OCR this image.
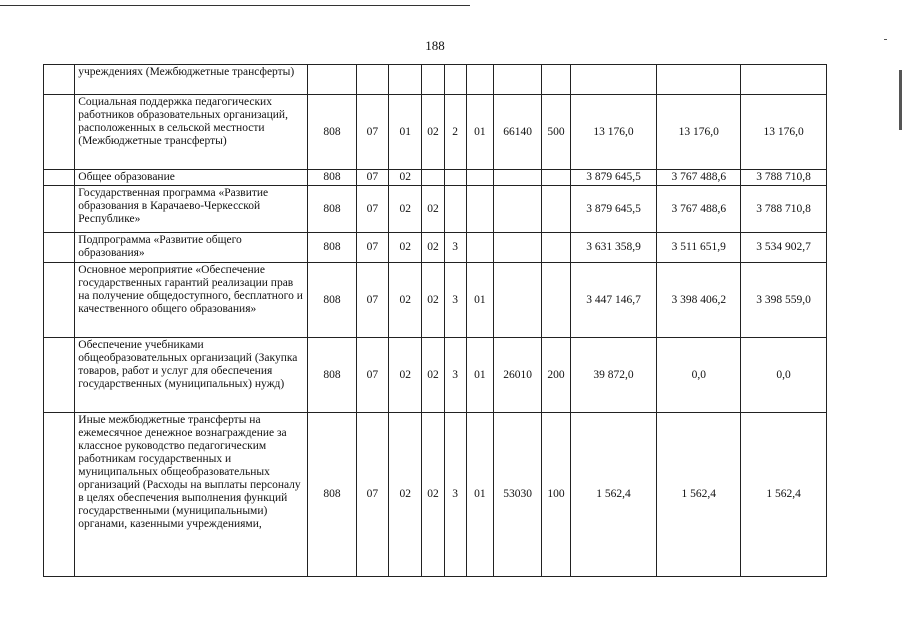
188
	учреждениях (Межбюджетные трансферты)											
	Социальная поддержка педагогических работников образовательных организаций, расположенных в сельской местности (Межбюджетные трансферты)	808	07	01	02	2	01	66140	500	13 176,0	13 176,0	13 176,0
	Общее образование	808	07	02						3 879 645,5	3 767 488,6	3 788 710,8
	Государственная программа «Развитие образования в Карачаево-Черкесской Республике»	808	07	02	02					3 879 645,5	3 767 488,6	3 788 710,8
	Подпрограмма «Развитие общего образования»	808	07	02	02	3				3 631 358,9	3 511 651,9	3 534 902,7
	Основное мероприятие «Обеспечение государственных гарантий реализации прав на получение общедоступного, бесплатного и качественного общего образования»	808	07	02	02	3	01			3 447 146,7	3 398 406,2	3 398 559,0
	Обеспечение учебниками общеобразовательных организаций (Закупка товаров, работ и услуг для обеспечения государственных (муниципальных) нужд)	808	07	02	02	3	01	26010	200	39 872,0	0,0	0,0
	Иные межбюджетные трансферты на ежемесячное денежное вознаграждение за классное руководство педагогическим работникам государственных и муниципальных общеобразовательных организаций (Расходы на выплаты персоналу в целях обеспечения выполнения функций государственными (муниципальными) органами, казенными учреждениями,	808	07	02	02	3	01	53030	100	1 562,4	1 562,4	1 562,4
